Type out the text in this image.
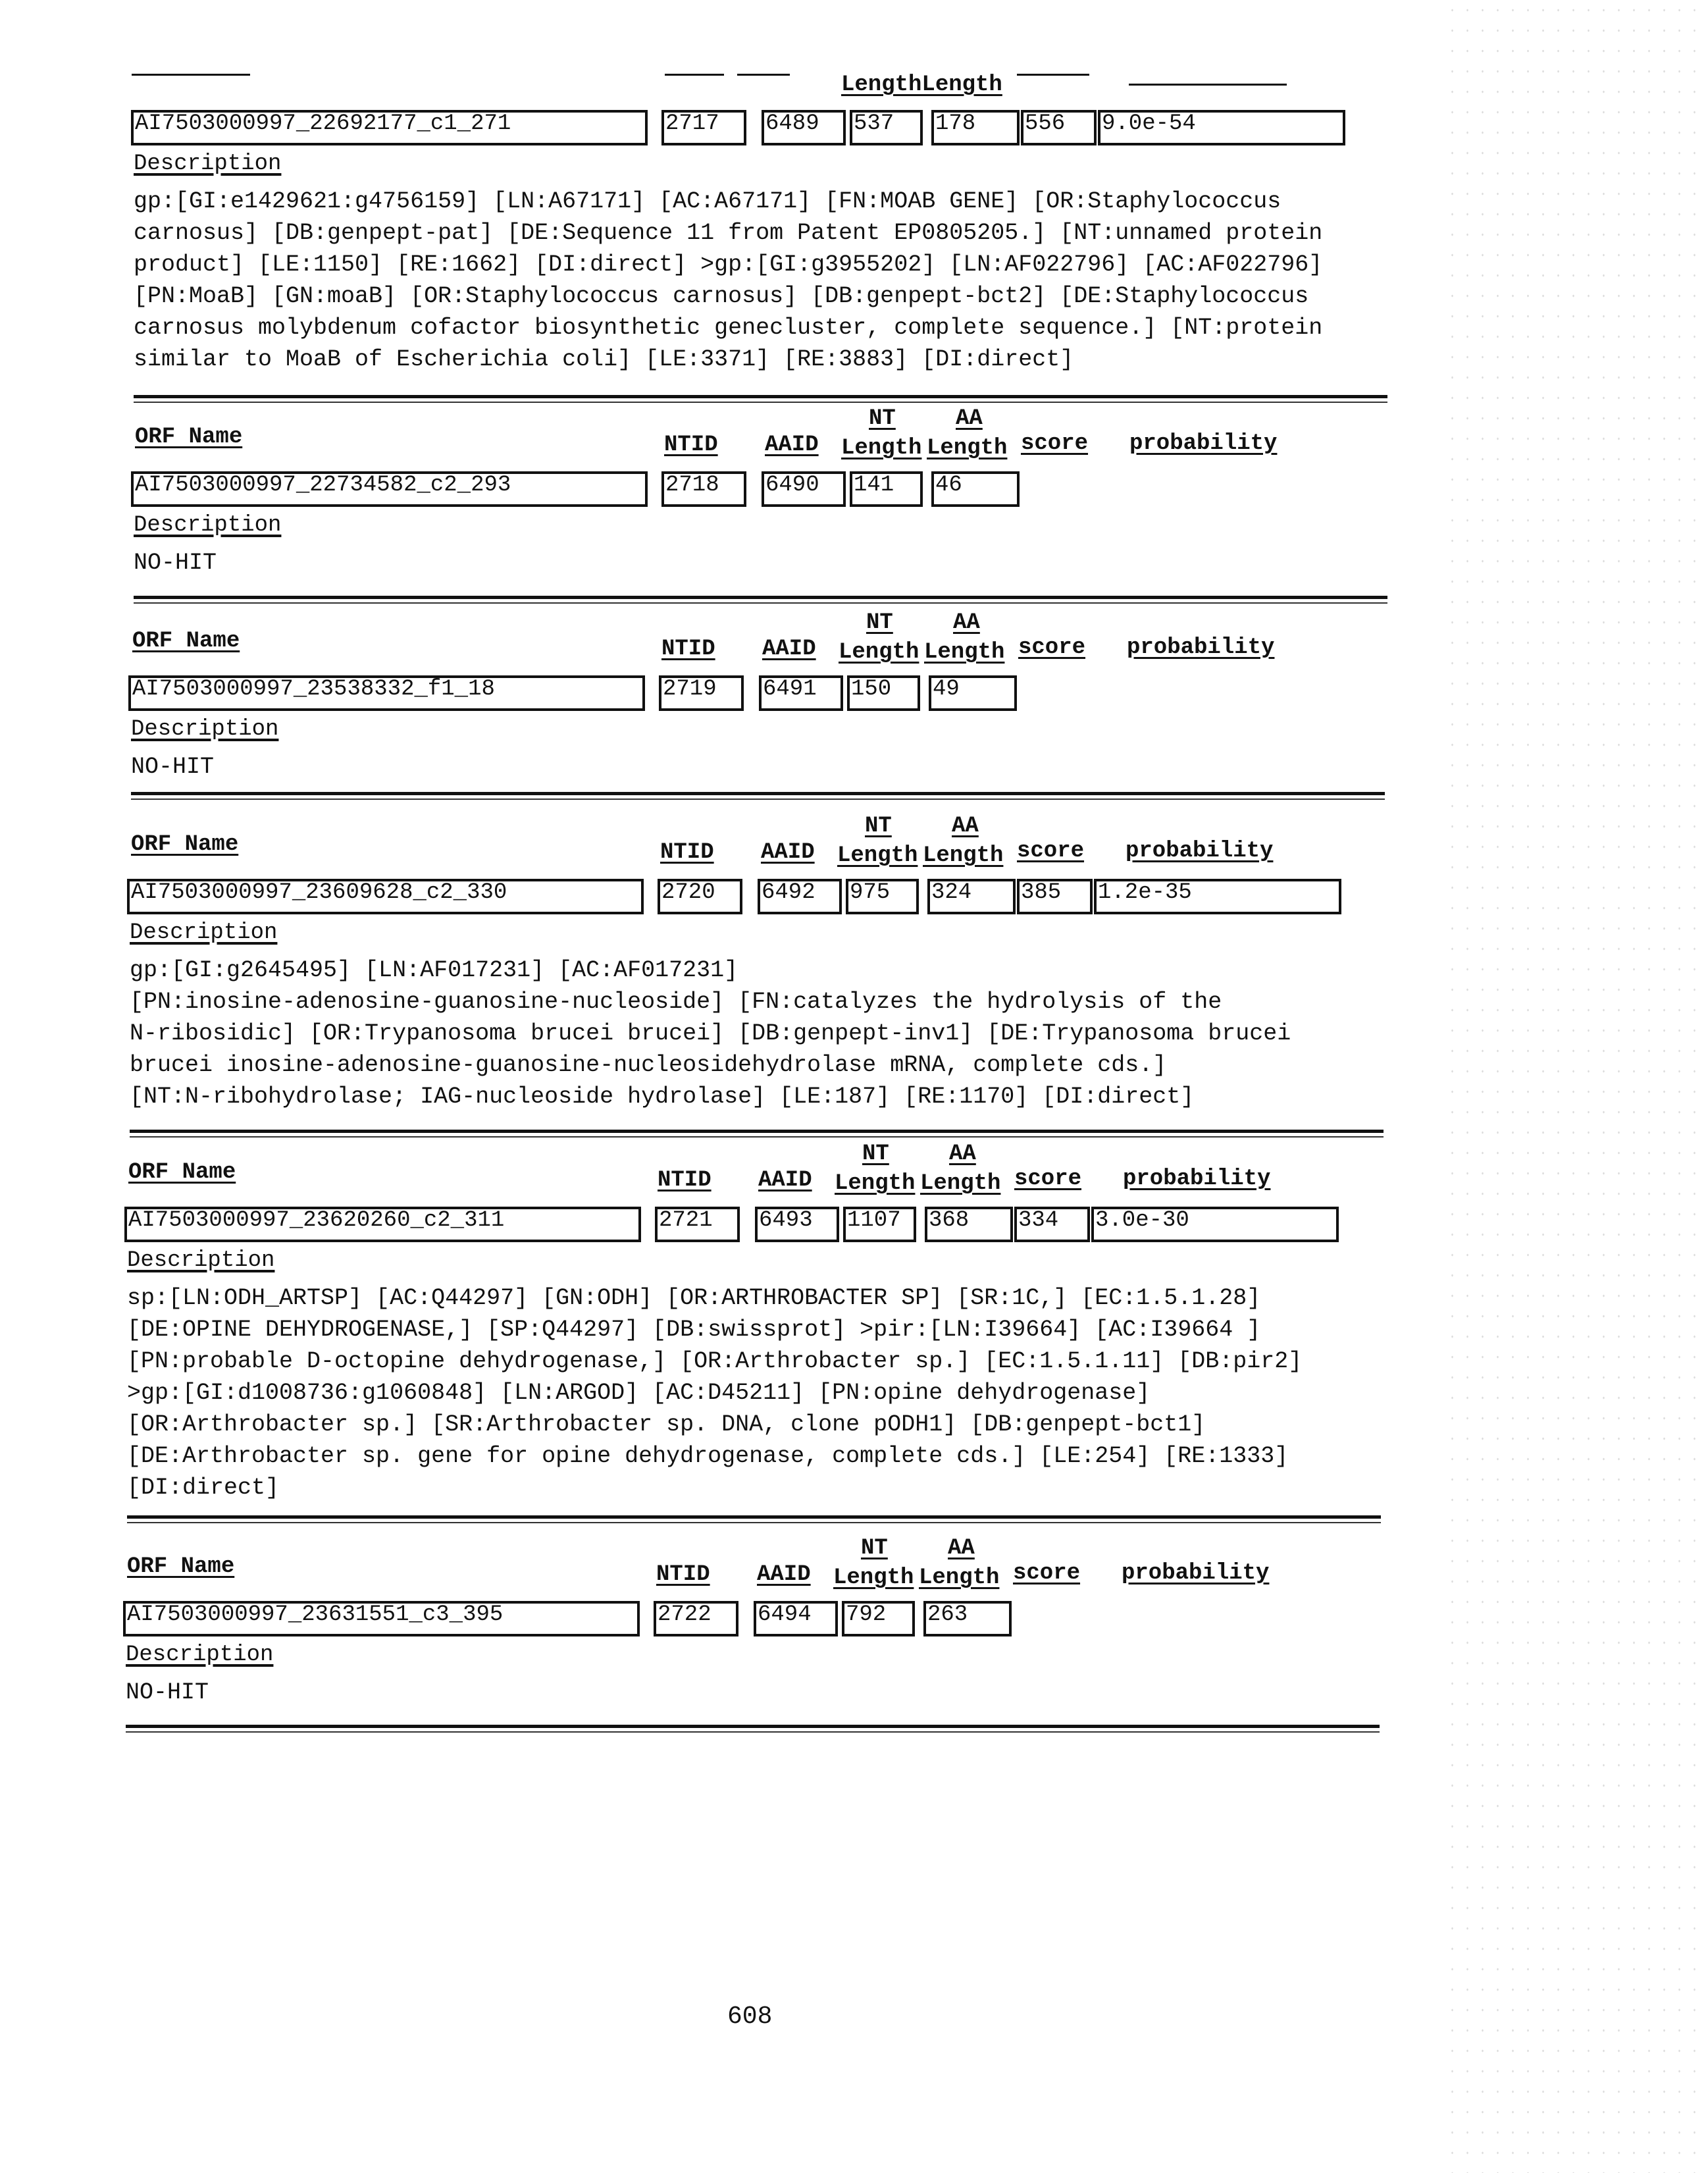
608
LengthLength
AI7503000997_22692177_c1_271	2717	6489	537	178	556	9.0e-54
Description
gp:[GI:e1429621:g4756159] [LN:A67171] [AC:A67171] [FN:MOAB GENE] [OR:Staphylococcus
carnosus] [DB:genpept-pat] [DE:Sequence 11 from Patent EP0805205.] [NT:unnamed protein
product] [LE:1150] [RE:1662] [DI:direct] >gp:[GI:g3955202] [LN:AF022796] [AC:AF022796]
[PN:MoaB] [GN:moaB] [OR:Staphylococcus carnosus] [DB:genpept-bct2] [DE:Staphylococcus
carnosus molybdenum cofactor biosynthetic genecluster, complete sequence.] [NT:protein
similar to MoaB of Escherichia coli] [LE:3371] [RE:3883] [DI:direct]
ORF Name	NTID AAID
NT
Length
AA
Length score probability
AI7503000997_22734582_c2_293	2718	6490	141	46
Description
NO-HIT
ORF Name	NTID AAID
NT
Length
AA
Length score probability
AI7503000997_23538332_f1_18	2719	6491	150	49
Description
NO-HIT
ORF Name	NTID AAID
NT
Length
AA
Length score probability
AI7503000997_23609628_c2_330	2720	6492	975	324	385	1.2e-35
Description
gp:[GI:g2645495] [LN:AF017231] [AC:AF017231]
[PN:inosine-adenosine-guanosine-nucleoside] [FN:catalyzes the hydrolysis of the
N-ribosidic] [OR:Trypanosoma brucei brucei] [DB:genpept-inv1] [DE:Trypanosoma brucei
brucei inosine-adenosine-guanosine-nucleosidehydrolase mRNA, complete cds.]
[NT:N-ribohydrolase; IAG-nucleoside hydrolase] [LE:187] [RE:1170] [DI:direct]
ORF Name	NTID AAID
NT
Length
AA
Length score probability
AI7503000997_23620260_c2_311	2721	6493	1107	368	334	3.0e-30
Description
sp:[LN:ODH_ARTSP] [AC:Q44297] [GN:ODH] [OR:ARTHROBACTER SP] [SR:1C,] [EC:1.5.1.28]
[DE:OPINE DEHYDROGENASE,] [SP:Q44297] [DB:swissprot] >pir:[LN:I39664] [AC:I39664 ]
[PN:probable D-octopine dehydrogenase,] [OR:Arthrobacter sp.] [EC:1.5.1.11] [DB:pir2]
>gp:[GI:d1008736:g1060848] [LN:ARGOD] [AC:D45211] [PN:opine dehydrogenase]
[OR:Arthrobacter sp.] [SR:Arthrobacter sp. DNA, clone pODH1] [DB:genpept-bct1]
[DE:Arthrobacter sp. gene for opine dehydrogenase, complete cds.] [LE:254] [RE:1333]
[DI:direct]
ORF Name	NTID AAID
NT
Length
AA
Length score probability
AI7503000997_23631551_c3_395	2722	6494	792	263
Description
NO-HIT
